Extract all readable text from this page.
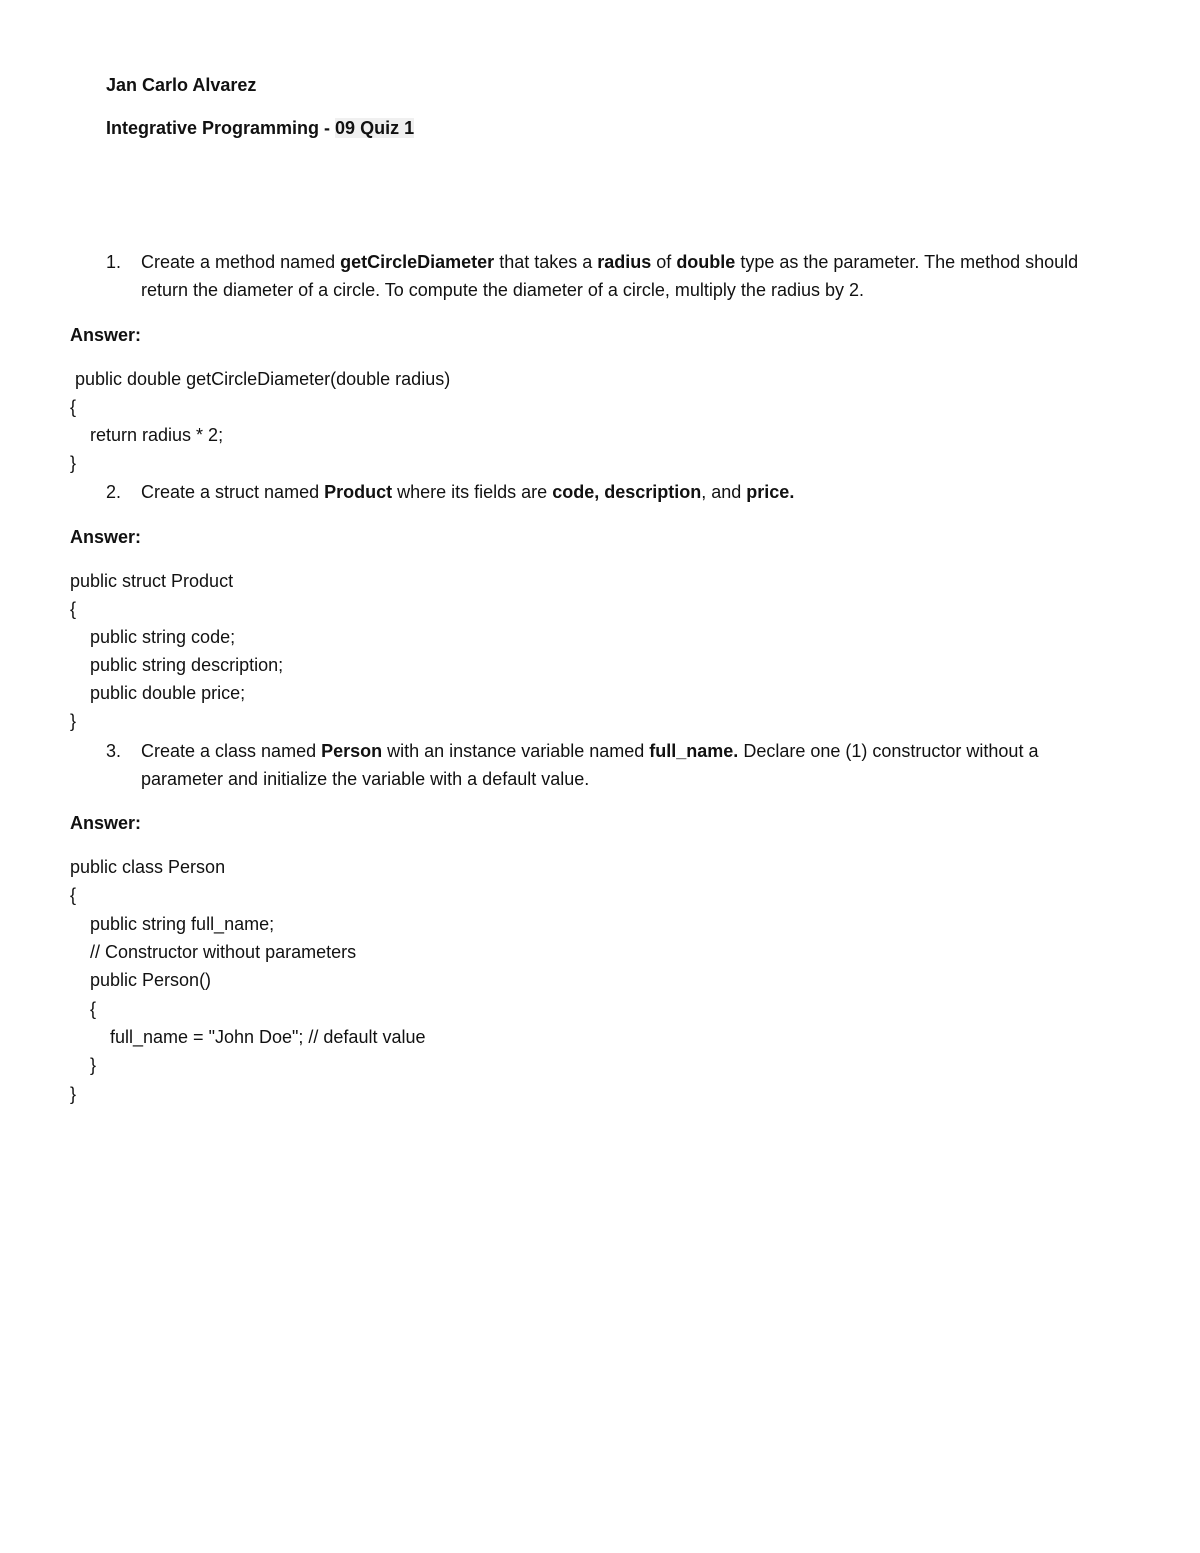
Jan Carlo Alvarez
Integrative Programming - 09 Quiz 1
1. Create a method named getCircleDiameter that takes a radius of double type as the parameter. The method should return the diameter of a circle. To compute the diameter of a circle, multiply the radius by 2.
Answer:
public double getCircleDiameter(double radius)
{
return radius * 2;
}
2. Create a struct named Product where its fields are code, description, and price.
Answer:
public struct Product
{
public string code;
public string description;
public double price;
}
3. Create a class named Person with an instance variable named full_name. Declare one (1) constructor without a parameter and initialize the variable with a default value.
Answer:
public class Person
{
public string full_name;
// Constructor without parameters
public Person()
{
full_name = "John Doe"; // default value
}
}
